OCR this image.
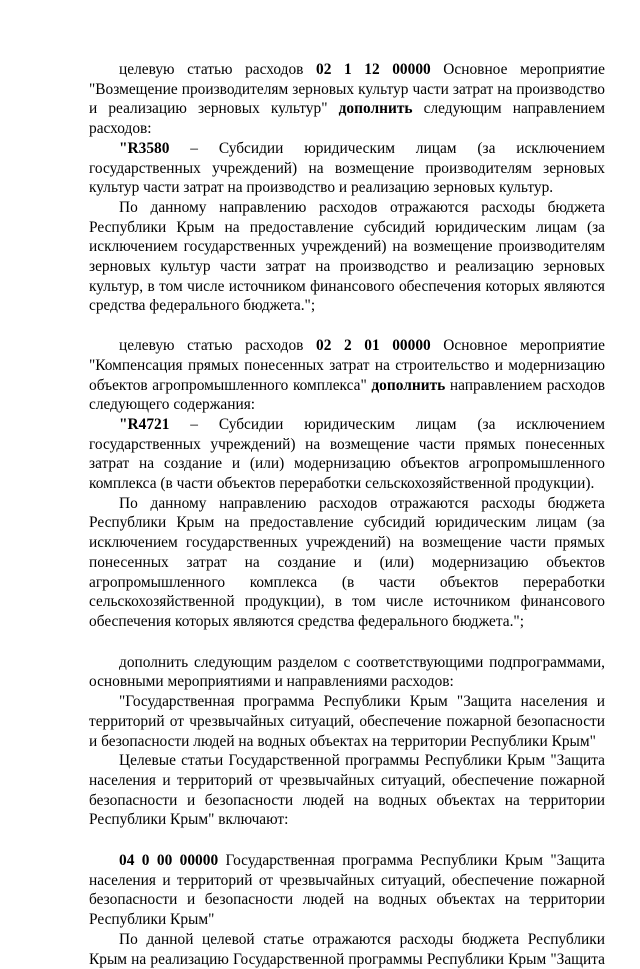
целевую статью расходов 02 1 12 00000 Основное мероприятие "Возмещение производителям зерновых культур части затрат на производство и реализацию зерновых культур" дополнить следующим направлением расходов:

"R3580 – Субсидии юридическим лицам (за исключением государственных учреждений) на возмещение производителям зерновых культур части затрат на производство и реализацию зерновых культур.

По данному направлению расходов отражаются расходы бюджета Республики Крым на предоставление субсидий юридическим лицам (за исключением государственных учреждений) на возмещение производителям зерновых культур части затрат на производство и реализацию зерновых культур, в том числе источником финансового обеспечения которых являются средства федерального бюджета.";

целевую статью расходов 02 2 01 00000 Основное мероприятие "Компенсация прямых понесенных затрат на строительство и модернизацию объектов агропромышленного комплекса" дополнить направлением расходов следующего содержания:

"R4721 – Субсидии юридическим лицам (за исключением государственных учреждений) на возмещение части прямых понесенных затрат на создание и (или) модернизацию объектов агропромышленного комплекса (в части объектов переработки сельскохозяйственной продукции).

По данному направлению расходов отражаются расходы бюджета Республики Крым на предоставление субсидий юридическим лицам (за исключением государственных учреждений) на возмещение части прямых понесенных затрат на создание и (или) модернизацию объектов агропромышленного комплекса (в части объектов переработки сельскохозяйственной продукции), в том числе источником финансового обеспечения которых являются средства федерального бюджета.";

дополнить следующим разделом с соответствующими подпрограммами, основными мероприятиями и направлениями расходов:

"Государственная программа Республики Крым "Защита населения и территорий от чрезвычайных ситуаций, обеспечение пожарной безопасности и безопасности людей на водных объектах на территории Республики Крым"

Целевые статьи Государственной программы Республики Крым "Защита населения и территорий от чрезвычайных ситуаций, обеспечение пожарной безопасности и безопасности людей на водных объектах на территории Республики Крым" включают:

04 0 00 00000 Государственная программа Республики Крым "Защита населения и территорий от чрезвычайных ситуаций, обеспечение пожарной безопасности и безопасности людей на водных объектах на территории Республики Крым"

По данной целевой статье отражаются расходы бюджета Республики Крым на реализацию Государственной программы Республики Крым "Защита
